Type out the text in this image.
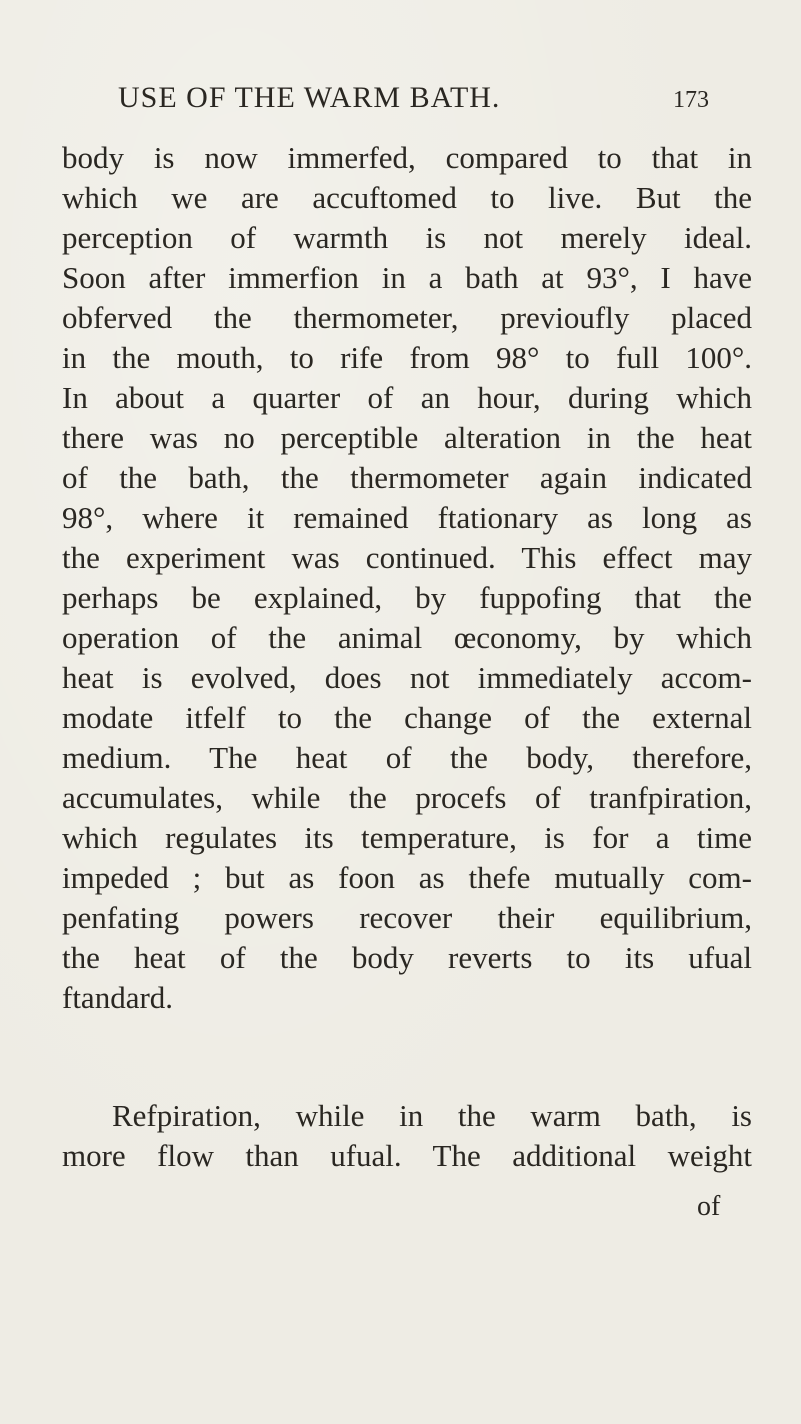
USE OF THE WARM BATH.	173
body is now immerfed, compared to that in
which we are accuftomed to live. But the
perception of warmth is not merely ideal.
Soon after immerfion in a bath at 93°, I have
obferved the thermometer, previoufly placed
in the mouth, to rife from 98° to full 100°.
In about a quarter of an hour, during which
there was no perceptible alteration in the heat
of the bath, the thermometer again indicated
98°, where it remained ftationary as long as
the experiment was continued. This effect may
perhaps be explained, by fuppofing that the
operation of the animal œconomy, by which
heat is evolved, does not immediately accom-
modate itfelf to the change of the external
medium. The heat of the body, therefore,
accumulates, while the procefs of tranfpiration,
which regulates its temperature, is for a time
impeded ; but as foon as thefe mutually com-
penfating powers recover their equilibrium,
the heat of the body reverts to its ufual
ftandard.
Refpiration, while in the warm bath, is
more flow than ufual. The additional weight
of
